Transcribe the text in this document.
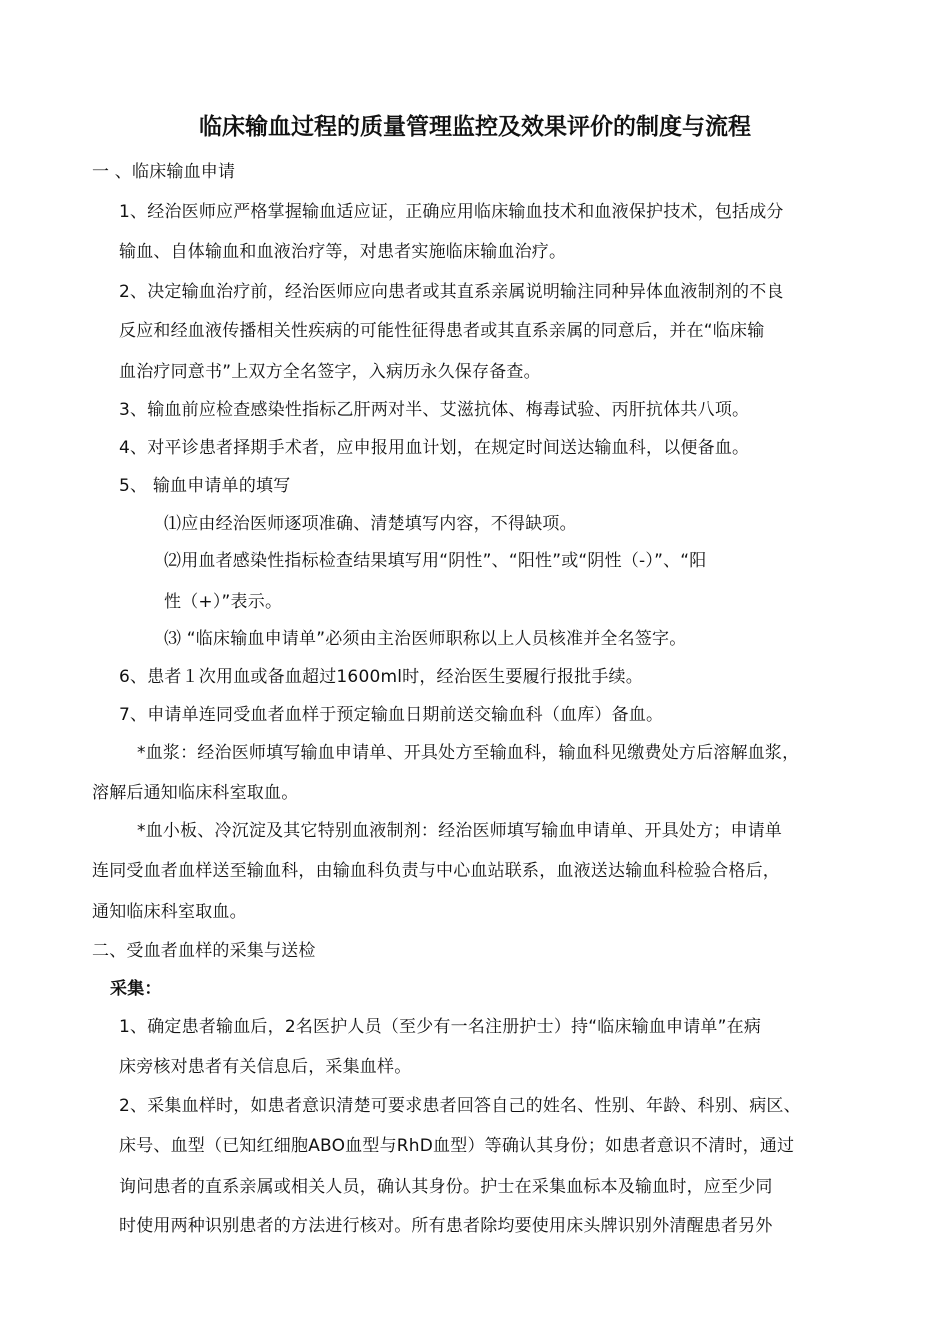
临床输血过程的质量管理监控及效果评价的制度与流程
一 、临床输血申请
1、经治医师应严格掌握输血适应证，正确应用临床输血技术和血液保护技术，包括成分
输血、自体输血和血液治疗等，对患者实施临床输血治疗。
2、决定输血治疗前，经治医师应向患者或其直系亲属说明输注同种异体血液制剂的不良
反应和经血液传播相关性疾病的可能性征得患者或其直系亲属的同意后，并在“临床输
血治疗同意书”上双方全名签字，入病历永久保存备查。
3、输血前应检查感染性指标乙肝两对半、艾滋抗体、梅毒试验、丙肝抗体共八项。
4、对平诊患者择期手术者，应申报用血计划，在规定时间送达输血科，以便备血。
5、 输血申请单的填写
⑴应由经治医师逐项准确、清楚填写内容，不得缺项。
⑵用血者感染性指标检查结果填写用“阴性”、“阳性”或“阴性（-）”、“阳
性（+）”表示。
⑶ “临床输血申请单”必须由主治医师职称以上人员核准并全名签字。
6、患者１次用血或备血超过1600ml时，经治医生要履行报批手续。
7、申请单连同受血者血样于预定输血日期前送交输血科（血库）备血。
*血浆：经治医师填写输血申请单、开具处方至输血科，输血科见缴费处方后溶解血浆，
溶解后通知临床科室取血。
*血小板、冷沉淀及其它特别血液制剂：经治医师填写输血申请单、开具处方；申请单
连同受血者血样送至输血科，由输血科负责与中心血站联系，血液送达输血科检验合格后，
通知临床科室取血。
二、受血者血样的采集与送检
采集：
1、确定患者输血后，2名医护人员（至少有一名注册护士）持“临床输血申请单”在病
床旁核对患者有关信息后，采集血样。
2、采集血样时，如患者意识清楚可要求患者回答自己的姓名、性别、年龄、科别、病区、
床号、血型（已知红细胞ABO血型与RhD血型）等确认其身份；如患者意识不清时，通过
询问患者的直系亲属或相关人员，确认其身份。护士在采集血标本及输血时，应至少同
时使用两种识别患者的方法进行核对。所有患者除均要使用床头牌识别外清醒患者另外
